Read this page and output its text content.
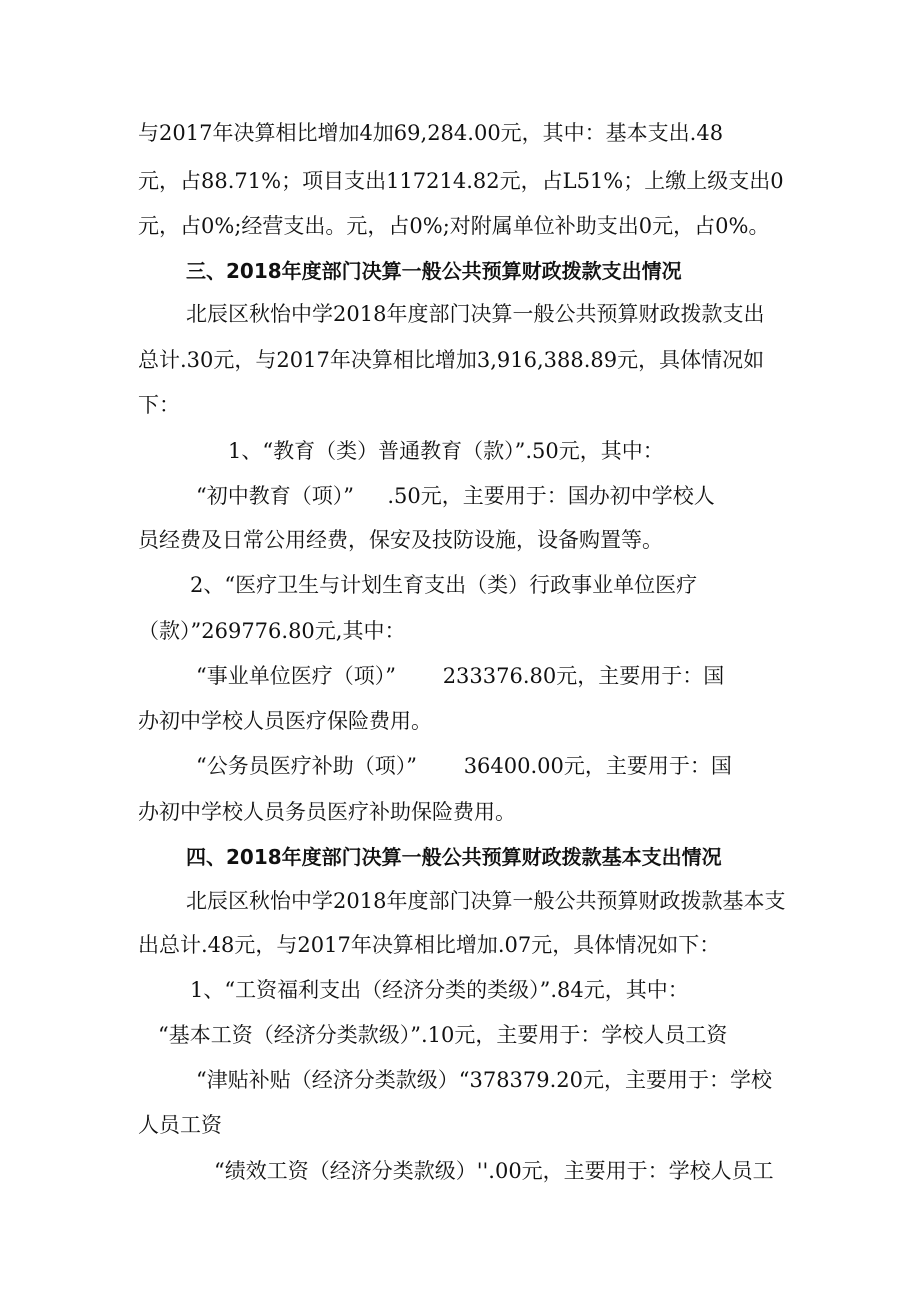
与2017年决算相比增加4加69,284.00元，其中：基本支出.48

元，占88.71%；项目支出117214.82元，占L51%；上缴上级支出0

元，占0%;经营支出。元，占0%;对附属单位补助支出0元，占0%。

三、2018年度部门决算一般公共预算财政拨款支出情况

北辰区秋怡中学2018年度部门决算一般公共预算财政拨款支出

总计.30元，与2017年决算相比增加3,916,388.89元，具体情况如

下：

1、“教育（类）普通教育（款）”.50元，其中：

“初中教育（项）”     .50元，主要用于：国办初中学校人

员经费及日常公用经费，保安及技防设施，设备购置等。

2、“医疗卫生与计划生育支出（类）行政事业单位医疗

（款）”269776.80元,其中：

“事业单位医疗（项）”       233376.80元，主要用于：国

办初中学校人员医疗保险费用。

“公务员医疗补助（项）”       36400.00元，主要用于：国

办初中学校人员务员医疗补助保险费用。

四、2018年度部门决算一般公共预算财政拨款基本支出情况

北辰区秋怡中学2018年度部门决算一般公共预算财政拨款基本支

出总计.48元，与2017年决算相比增加.07元，具体情况如下：

1、“工资福利支出（经济分类的类级）”.84元，其中：

“基本工资（经济分类款级）”.10元，主要用于：学校人员工资

“津贴补贴（经济分类款级）“378379.20元，主要用于：学校

人员工资

“绩效工资（经济分类款级）''.00元，主要用于：学校人员工
